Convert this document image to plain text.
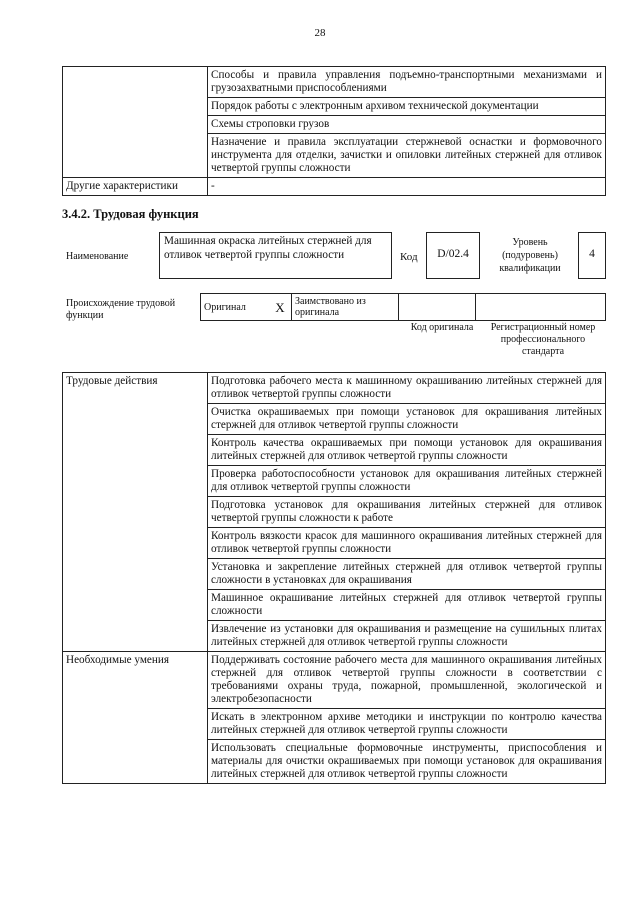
28
	Способы и правила управления подъемно-транспортными механизмами и грузозахватными приспособлениями
	Порядок работы с электронным архивом технической документации
	Схемы строповки грузов
	Назначение и правила эксплуатации стержневой оснастки и формовочного инструмента для отделки, зачистки и опиловки литейных стержней для отливок четвертой группы сложности
Другие характеристики	-
3.4.2. Трудовая функция
Наименование
Машинная окраска литейных стержней для отливок четвертой группы сложности	Код	D/02.4
Уровень (подуровень) квалификации
4
Происхождение трудовой функции
Оригинал	X	Заимствовано из оригинала		
Код оригинала	Регистрационный номер профессионального стандарта
Трудовые действия	Подготовка рабочего места к машинному окрашиванию литейных стержней для отливок четвертой группы сложности
	Очистка окрашиваемых при помощи установок для окрашивания литейных стержней для отливок четвертой группы сложности
	Контроль качества окрашиваемых при помощи установок для окрашивания литейных стержней для отливок четвертой группы сложности
	Проверка работоспособности установок для окрашивания литейных стержней для отливок четвертой группы сложности
	Подготовка установок для окрашивания литейных стержней для отливок четвертой группы сложности к работе
	Контроль вязкости красок для машинного окрашивания литейных стержней для отливок четвертой группы сложности
	Установка и закрепление литейных стержней для отливок четвертой группы сложности в установках для окрашивания
	Машинное окрашивание литейных стержней для отливок четвертой группы сложности
	Извлечение из установки для окрашивания и размещение на сушильных плитах литейных стержней для отливок четвертой группы сложности
Необходимые умения	Поддерживать состояние рабочего места для машинного окрашивания литейных стержней для отливок четвертой группы сложности в соответствии с требованиями охраны труда, пожарной, промышленной, экологической и электробезопасности
	Искать в электронном архиве методики и инструкции по контролю качества литейных стержней для отливок четвертой группы сложности
	Использовать специальные формовочные инструменты, приспособления и материалы для очистки окрашиваемых при помощи установок для окрашивания литейных стержней для отливок четвертой группы сложности
